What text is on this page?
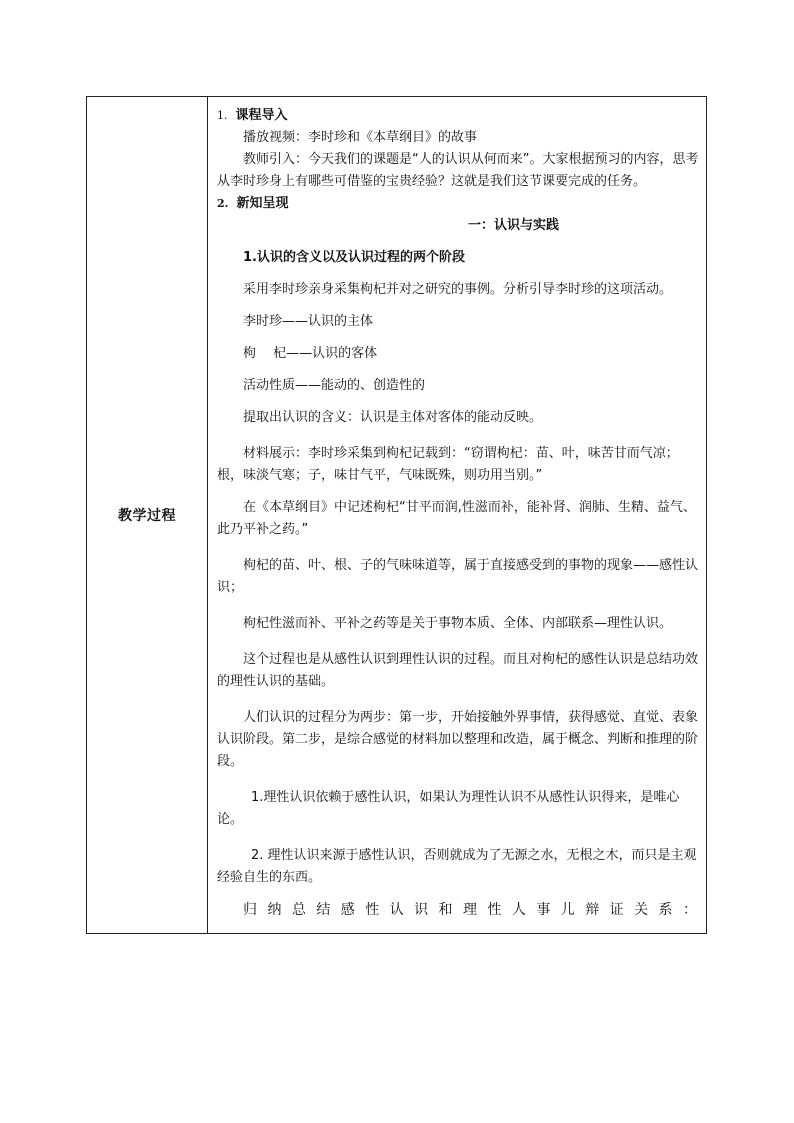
教学过程

1. 课程导入

播放视频：李时珍和《本草纲目》的故事

教师引入：今天我们的课题是“人的认识从何而来”。大家根据预习的内容，思考从李时珍身上有哪些可借鉴的宝贵经验？这就是我们这节课要完成的任务。

2. 新知呈现

一：认识与实践

1.认识的含义以及认识过程的两个阶段

采用李时珍亲身采集枸杞并对之研究的事例。分析引导李时珍的这项活动。

李时珍——认识的主体

枸　 杞——认识的客体

活动性质——能动的、创造性的

提取出认识的含义：认识是主体对客体的能动反映。

材料展示：李时珍采集到枸杞记载到：“窃谓枸杞：苗、叶，味苦甘而气凉；根，味淡气寒；子，味甘气平，气味既殊，则功用当别。”

在《本草纲目》中记述枸杞“甘平而润,性滋而补，能补肾、润肺、生精、益气、此乃平补之药。”

枸杞的苗、叶、根、子的气味味道等，属于直接感受到的事物的现象——感性认识；

枸杞性滋而补、平补之药等是关于事物本质、全体、内部联系—理性认识。

这个过程也是从感性认识到理性认识的过程。而且对枸杞的感性认识是总结功效的理性认识的基础。

人们认识的过程分为两步：第一步，开始接触外界事情，获得感觉、直觉、表象认识阶段。第二步，是综合感觉的材料加以整理和改造，属于概念、判断和推理的阶段。

1.理性认识依赖于感性认识，如果认为理性认识不从感性认识得来，是唯心论。

2. 理性认识来源于感性认识，否则就成为了无源之水，无根之木，而只是主观经验自生的东西。

归纳总结感性认识和理性人事儿辩证关系：
